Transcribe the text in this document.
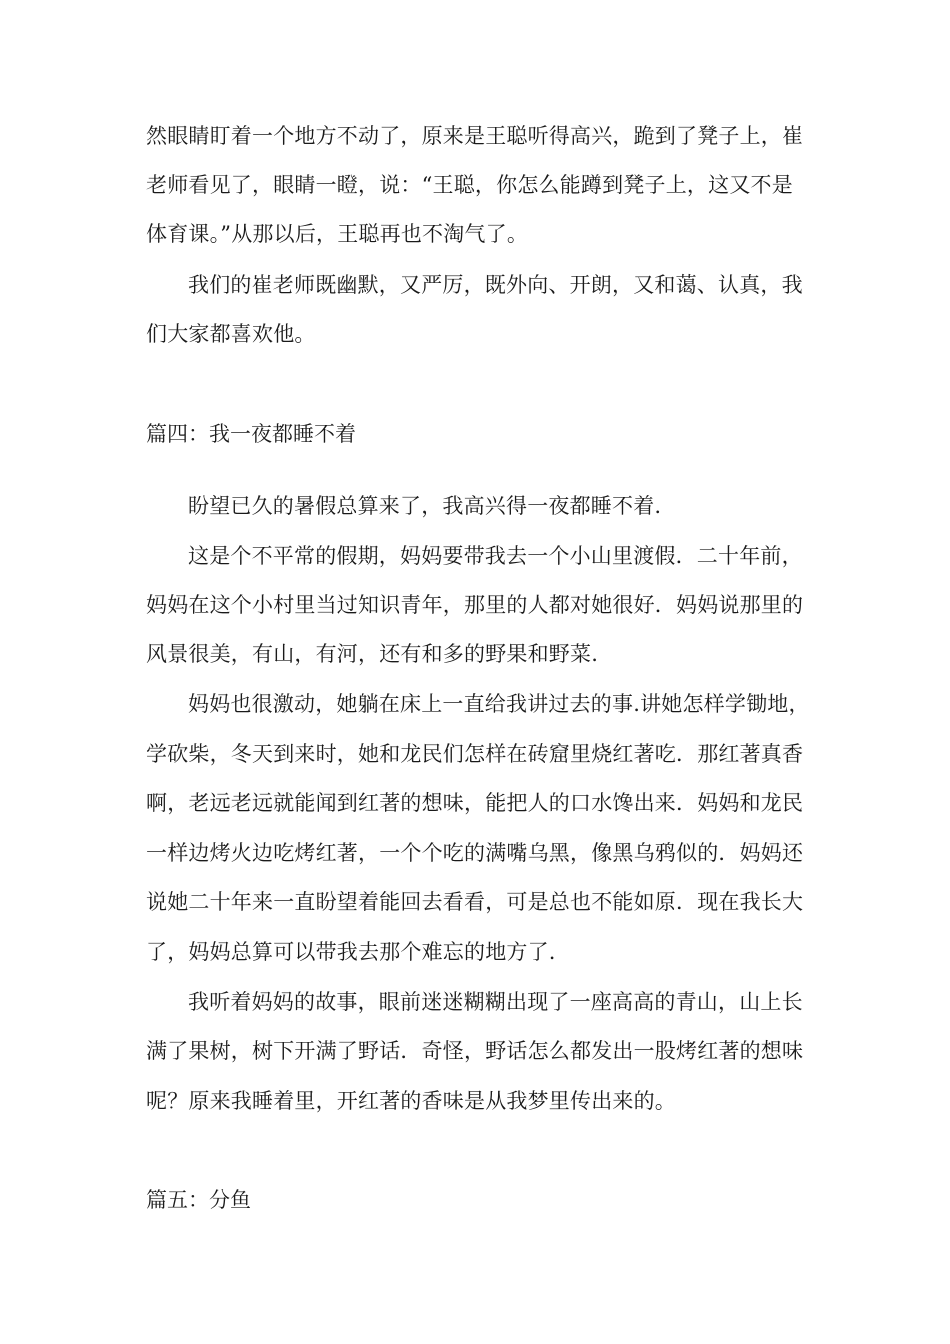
然眼睛盯着一个地方不动了，原来是王聪听得高兴，跪到了凳子上，崔
老师看见了，眼睛一瞪，说：“王聪，你怎么能蹲到凳子上，这又不是
体育课。”从那以后，王聪再也不淘气了。
我们的崔老师既幽默，又严厉，既外向、开朗，又和蔼、认真，我
们大家都喜欢他。
篇四：我一夜都睡不着
盼望已久的暑假总算来了，我高兴得一夜都睡不着.
这是个不平常的假期，妈妈要带我去一个小山里渡假．二十年前，
妈妈在这个小村里当过知识青年，那里的人都对她很好．妈妈说那里的
风景很美，有山，有河，还有和多的野果和野菜.
妈妈也很激动，她躺在床上一直给我讲过去的事.讲她怎样学锄地，
学砍柴，冬天到来时，她和龙民们怎样在砖窟里烧红著吃．那红著真香
啊，老远老远就能闻到红著的想味，能把人的口水馋出来．妈妈和龙民
一样边烤火边吃烤红著，一个个吃的满嘴乌黑，像黑乌鸦似的．妈妈还
说她二十年来一直盼望着能回去看看，可是总也不能如原．现在我长大
了，妈妈总算可以带我去那个难忘的地方了.
我听着妈妈的故事，眼前迷迷糊糊出现了一座高高的青山，山上长
满了果树，树下开满了野话．奇怪，野话怎么都发出一股烤红著的想味
呢？原来我睡着里，开红著的香味是从我梦里传出来的。
篇五：分鱼
